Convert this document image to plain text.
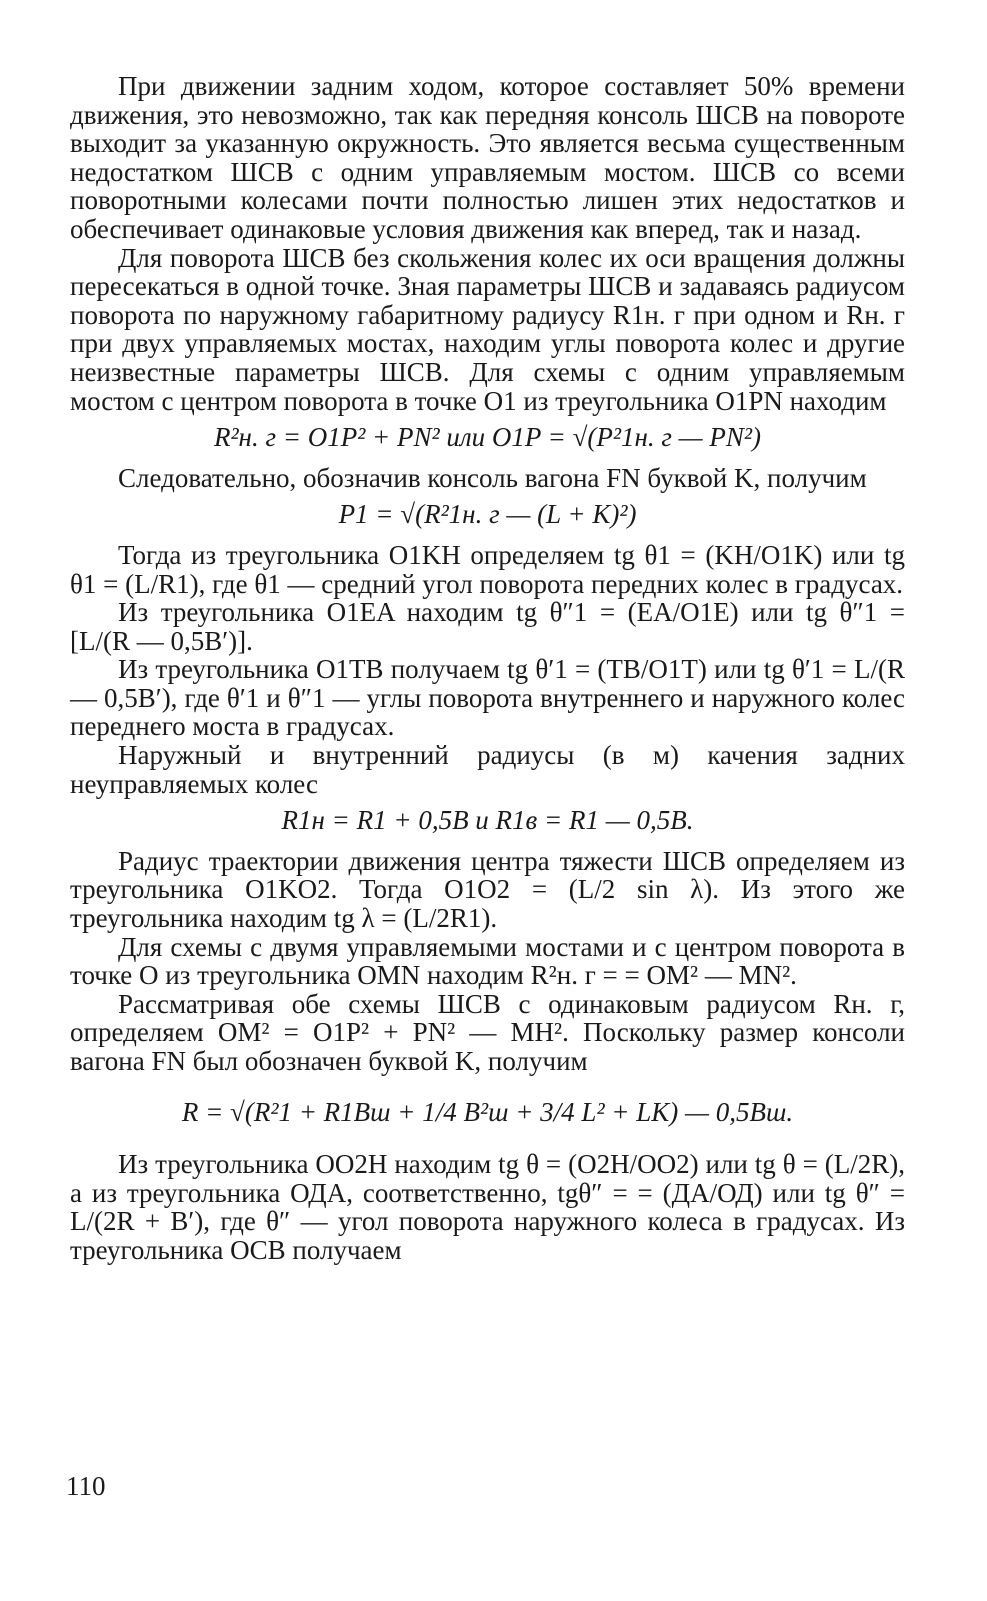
При движении задним ходом, которое составляет 50% времени движения, это невозможно, так как передняя консоль ШСВ на повороте выходит за указанную окружность. Это является весьма существенным недостатком ШСВ с одним управляемым мостом. ШСВ со всеми поворотными колесами почти полностью лишен этих недостатков и обеспечивает одинаковые условия движения как вперед, так и назад.

Для поворота ШСВ без скольжения колес их оси вращения должны пересекаться в одной точке. Зная параметры ШСВ и задаваясь радиусом поворота по наружному габаритному радиусу R1н. г при одном и Rн. г при двух управляемых мостах, находим углы поворота колес и другие неизвестные параметры ШСВ. Для схемы с одним управляемым мостом с центром поворота в точке O1 из треугольника O1PN находим

R²н. г = O1P² + PN² или O1P = √(P²1н. г — PN²)

Следовательно, обозначив консоль вагона FN буквой K, получим

P1 = √(R²1н. г — (L + K)²)

Тогда из треугольника O1KH определяем tg θ1 = (KH/O1K) или tg θ1 = (L/R1), где θ1 — средний угол поворота передних колес в градусах.

Из треугольника O1EA находим tg θ″1 = (EA/O1E) или tg θ″1 = [L/(R — 0,5B′)].

Из треугольника O1TB получаем tg θ′1 = (TB/O1T) или tg θ′1 = L/(R — 0,5B′), где θ′1 и θ″1 — углы поворота внутреннего и наружного колес переднего моста в градусах.

Наружный и внутренний радиусы (в м) качения задних неуправляемых колес

R1н = R1 + 0,5B и R1в = R1 — 0,5B.

Радиус траектории движения центра тяжести ШСВ определяем из треугольника O1KO2. Тогда O1O2 = (L/2 sin λ). Из этого же треугольника находим tg λ = (L/2R1).

Для схемы с двумя управляемыми мостами и с центром поворота в точке O из треугольника OMN находим R²н. г = = OM² — MN².

Рассматривая обе схемы ШСВ с одинаковым радиусом Rн. г, определяем OM² = O1P² + PN² — MH². Поскольку размер консоли вагона FN был обозначен буквой K, получим

R = √(R²1 + R1Bш + 1/4 B²ш + 3/4 L² + LK) — 0,5Bш.

Из треугольника OO2H находим tg θ = (O2H/OO2) или tg θ = (L/2R), а из треугольника ОДА, соответственно, tgθ″ = = (ДА/ОД) или tg θ″ = L/(2R + B′), где θ″ — угол поворота наружного колеса в градусах. Из треугольника OCB получаем

110
